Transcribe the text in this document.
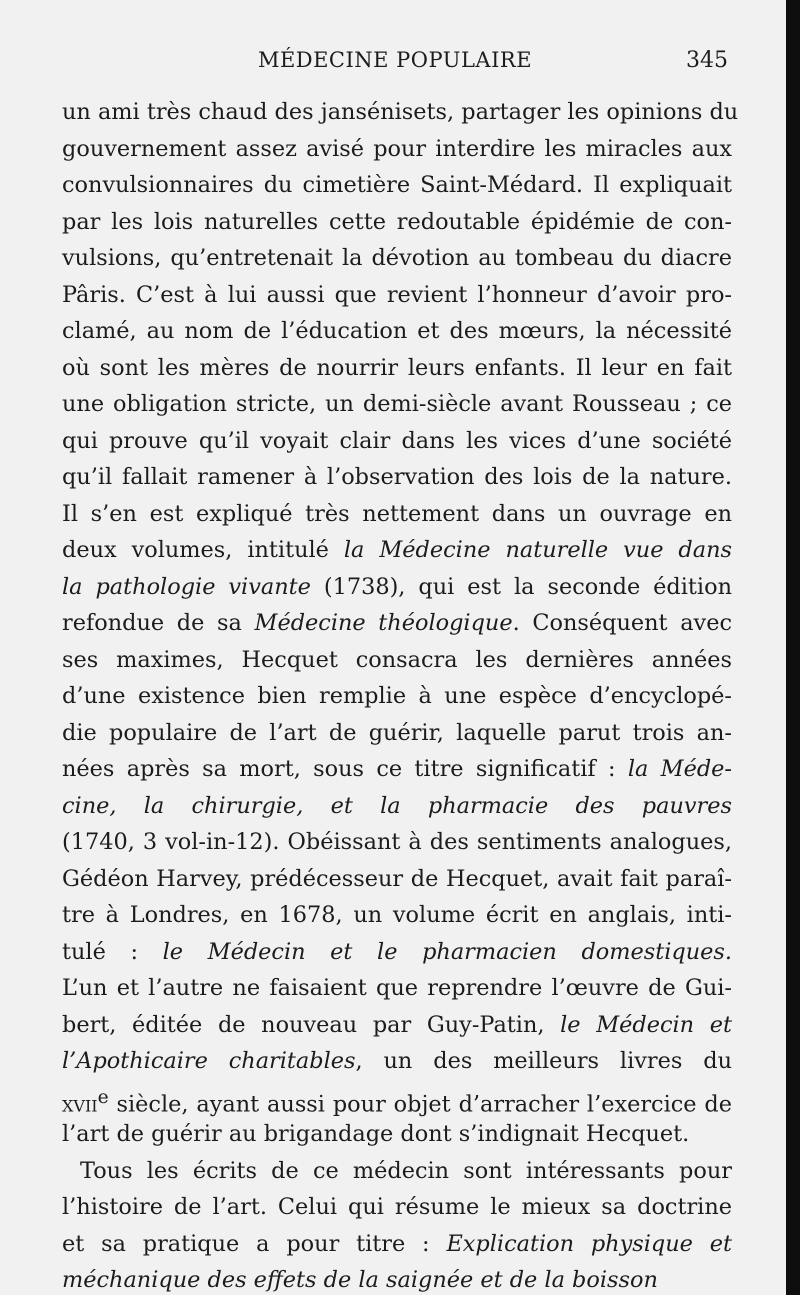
MÉDECINE POPULAIRE	345
un ami très chaud des jansénisets, partager les opinions du
gouvernement assez avisé pour interdire les miracles aux
convulsionnaires du cimetière Saint-Médard. Il expliquait
par les lois naturelles cette redoutable épidémie de con-
vulsions, qu’entretenait la dévotion au tombeau du diacre
Pâris. C’est à lui aussi que revient l’honneur d’avoir pro-
clamé, au nom de l’éducation et des mœurs, la nécessité
où sont les mères de nourrir leurs enfants. Il leur en fait
une obligation stricte, un demi-siècle avant Rousseau ; ce
qui prouve qu’il voyait clair dans les vices d’une société
qu’il fallait ramener à l’observation des lois de la nature.
Il s’en est expliqué très nettement dans un ouvrage en
deux volumes, intitulé la Médecine naturelle vue dans
la pathologie vivante (1738), qui est la seconde édition
refondue de sa Médecine théologique. Conséquent avec
ses maximes, Hecquet consacra les dernières années
d’une existence bien remplie à une espèce d’encyclopé-
die populaire de l’art de guérir, laquelle parut trois an-
nées après sa mort, sous ce titre significatif : la Méde-
cine, la chirurgie, et la pharmacie des pauvres
(1740, 3 vol-in-12). Obéissant à des sentiments analogues,
Gédéon Harvey, prédécesseur de Hecquet, avait fait paraî-
tre à Londres, en 1678, un volume écrit en anglais, inti-
tulé : le Médecin et le pharmacien domestiques.
L’un et l’autre ne faisaient que reprendre l’œuvre de Gui-
bert, éditée de nouveau par Guy-Patin, le Médecin et
l’Apothicaire charitables, un des meilleurs livres du
xvii$^e$ siècle, ayant aussi pour objet d’arracher l’exercice de
l’art de guérir au brigandage dont s’indignait Hecquet.
Tous les écrits de ce médecin sont intéressants pour
l’histoire de l’art. Celui qui résume le mieux sa doctrine
et sa pratique a pour titre : Explication physique et
méchanique des effets de la saignée et de la boisson
